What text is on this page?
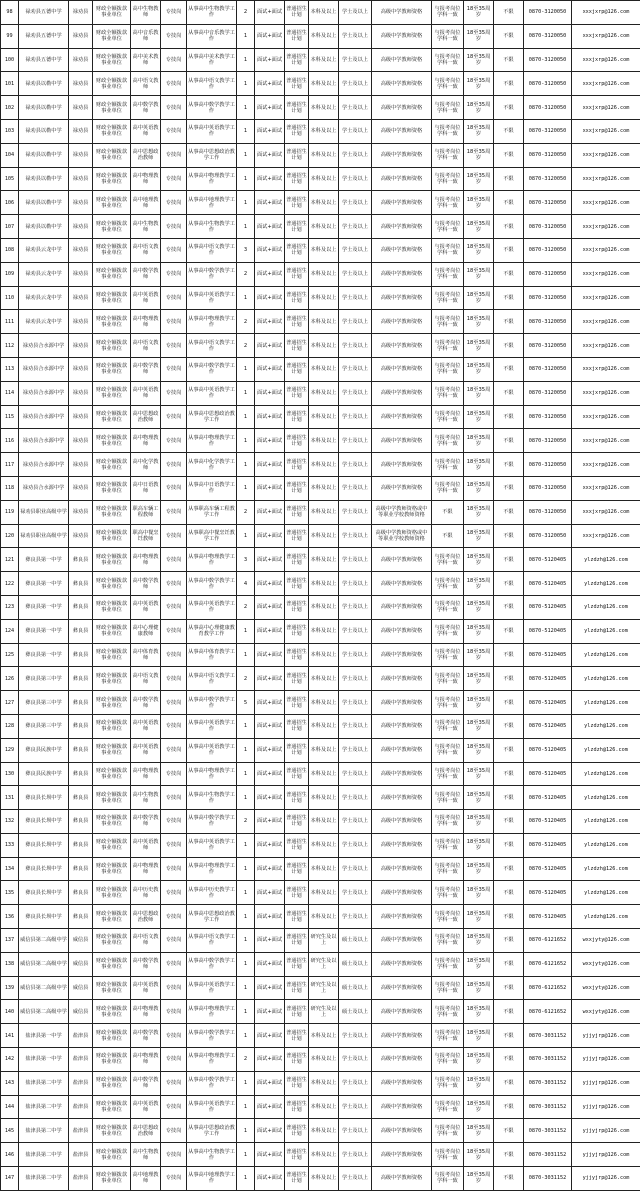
98	禄劝县五德中学	禄劝县	财政全额拨款事业单位	高中生物教师	专技岗	从事高中生物教学工作	2	面试+面试	普通招生计划	本科及以上	学士及以上	高级中学教师资格	与报考岗位学科一致	18至35周岁	不限	0870-3120050	xxxjxrp@126.com
99	禄劝县五德中学	禄劝县	财政全额拨款事业单位	高中音乐教师	专技岗	从事高中音乐教学工作	1	面试+面试	普通招生计划	本科及以上	学士及以上	高级中学教师资格	与报考岗位学科一致	18至35周岁	不限	0870-3120050	xxxjxrp@126.com
100	禄劝县五德中学	禄劝县	财政全额拨款事业单位	高中美术教师	专技岗	从事高中美术教学工作	1	面试+面试	普通招生计划	本科及以上	学士及以上	高级中学教师资格	与报考岗位学科一致	18至35周岁	不限	0870-3120050	xxxjxrp@126.com
101	禄劝县以勒中学	禄劝县	财政全额拨款事业单位	高中语文教师	专技岗	从事高中语文教学工作	1	面试+面试	普通招生计划	本科及以上	学士及以上	高级中学教师资格	与报考岗位学科一致	18至35周岁	不限	0870-3120050	xxxjxrp@126.com
102	禄劝县以勒中学	禄劝县	财政全额拨款事业单位	高中数学教师	专技岗	从事高中数学教学工作	1	面试+面试	普通招生计划	本科及以上	学士及以上	高级中学教师资格	与报考岗位学科一致	18至35周岁	不限	0870-3120050	xxxjxrp@126.com
103	禄劝县以勒中学	禄劝县	财政全额拨款事业单位	高中英语教师	专技岗	从事高中英语教学工作	1	面试+面试	普通招生计划	本科及以上	学士及以上	高级中学教师资格	与报考岗位学科一致	18至35周岁	不限	0870-3120050	xxxjxrp@126.com
104	禄劝县以勒中学	禄劝县	财政全额拨款事业单位	高中思想政治教师	专技岗	从事高中思想政治教学工作	1	面试+面试	普通招生计划	本科及以上	学士及以上	高级中学教师资格	与报考岗位学科一致	18至35周岁	不限	0870-3120050	xxxjxrp@126.com
105	禄劝县以勒中学	禄劝县	财政全额拨款事业单位	高中物理教师	专技岗	从事高中物理教学工作	1	面试+面试	普通招生计划	本科及以上	学士及以上	高级中学教师资格	与报考岗位学科一致	18至35周岁	不限	0870-3120050	xxxjxrp@126.com
106	禄劝县以勒中学	禄劝县	财政全额拨款事业单位	高中地理教师	专技岗	从事高中地理教学工作	1	面试+面试	普通招生计划	本科及以上	学士及以上	高级中学教师资格	与报考岗位学科一致	18至35周岁	不限	0870-3120050	xxxjxrp@126.com
107	禄劝县以勒中学	禄劝县	财政全额拨款事业单位	高中生物教师	专技岗	从事高中生物教学工作	1	面试+面试	普通招生计划	本科及以上	学士及以上	高级中学教师资格	与报考岗位学科一致	18至35周岁	不限	0870-3120050	xxxjxrp@126.com
108	禄劝县云龙中学	禄劝县	财政全额拨款事业单位	高中语文教师	专技岗	从事高中语文教学工作	3	面试+面试	普通招生计划	本科及以上	学士及以上	高级中学教师资格	与报考岗位学科一致	18至35周岁	不限	0870-3120050	xxxjxrp@126.com
109	禄劝县云龙中学	禄劝县	财政全额拨款事业单位	高中数学教师	专技岗	从事高中数学教学工作	2	面试+面试	普通招生计划	本科及以上	学士及以上	高级中学教师资格	与报考岗位学科一致	18至35周岁	不限	0870-3120050	xxxjxrp@126.com
110	禄劝县云龙中学	禄劝县	财政全额拨款事业单位	高中英语教师	专技岗	从事高中英语教学工作	1	面试+面试	普通招生计划	本科及以上	学士及以上	高级中学教师资格	与报考岗位学科一致	18至35周岁	不限	0870-3120050	xxxjxrp@126.com
111	禄劝县云龙中学	禄劝县	财政全额拨款事业单位	高中物理教师	专技岗	从事高中物理教学工作	2	面试+面试	普通招生计划	本科及以上	学士及以上	高级中学教师资格	与报考岗位学科一致	18至35周岁	不限	0870-3120050	xxxjxrp@126.com
112	禄劝县合水源中学	禄劝县	财政全额拨款事业单位	高中语文教师	专技岗	从事高中语文教学工作	2	面试+面试	普通招生计划	本科及以上	学士及以上	高级中学教师资格	与报考岗位学科一致	18至35周岁	不限	0870-3120050	xxxjxrp@126.com
113	禄劝县合水源中学	禄劝县	财政全额拨款事业单位	高中数学教师	专技岗	从事高中数学教学工作	1	面试+面试	普通招生计划	本科及以上	学士及以上	高级中学教师资格	与报考岗位学科一致	18至35周岁	不限	0870-3120050	xxxjxrp@126.com
114	禄劝县合水源中学	禄劝县	财政全额拨款事业单位	高中英语教师	专技岗	从事高中英语教学工作	1	面试+面试	普通招生计划	本科及以上	学士及以上	高级中学教师资格	与报考岗位学科一致	18至35周岁	不限	0870-3120050	xxxjxrp@126.com
115	禄劝县合水源中学	禄劝县	财政全额拨款事业单位	高中思想政治教师	专技岗	从事高中思想政治教学工作	1	面试+面试	普通招生计划	本科及以上	学士及以上	高级中学教师资格	与报考岗位学科一致	18至35周岁	不限	0870-3120050	xxxjxrp@126.com
116	禄劝县合水源中学	禄劝县	财政全额拨款事业单位	高中物理教师	专技岗	从事高中物理教学工作	1	面试+面试	普通招生计划	本科及以上	学士及以上	高级中学教师资格	与报考岗位学科一致	18至35周岁	不限	0870-3120050	xxxjxrp@126.com
117	禄劝县合水源中学	禄劝县	财政全额拨款事业单位	高中化学教师	专技岗	从事高中化学教学工作	1	面试+面试	普通招生计划	本科及以上	学士及以上	高级中学教师资格	与报考岗位学科一致	18至35周岁	不限	0870-3120050	xxxjxrp@126.com
118	禄劝县合水源中学	禄劝县	财政全额拨款事业单位	高中日语教师	专技岗	从事高中日语教学工作	1	面试+面试	普通招生计划	本科及以上	学士及以上	高级中学教师资格	与报考岗位学科一致	18至35周岁	不限	0870-3120050	xxxjxrp@126.com
119	禄劝县职业高级中学	禄劝县	财政全额拨款事业单位	职高车辆工程教师	专技岗	从事职高车辆工程教学工作	2	面试+面试	普通招生计划	本科及以上	学士及以上	高级中学教师资格或中等职业学校教师资格	不限	18至35周岁	不限	0870-3120050	xxxjxrp@126.com
120	禄劝县职业高级中学	禄劝县	财政全额拨款事业单位	职高中餐烹饪教师	专技岗	从事职高中餐烹饪教学工作	1	面试+面试	普通招生计划	本科及以上	学士及以上	高级中学教师资格或中等职业学校教师资格	不限	18至35周岁	不限	0870-3120050	xxxjxrp@126.com
121	彝良县第一中学	彝良县	财政全额拨款事业单位	高中物理教师	专技岗	从事高中物理教学工作	3	面试+面试	普通招生计划	本科及以上	学士及以上	高级中学教师资格	与报考岗位学科一致	18至35周岁	不限	0870-5120405	ylzdzh@126.com
122	彝良县第一中学	彝良县	财政全额拨款事业单位	高中数学教师	专技岗	从事高中数学教学工作	4	面试+面试	普通招生计划	本科及以上	学士及以上	高级中学教师资格	与报考岗位学科一致	18至35周岁	不限	0870-5120405	ylzdzh@126.com
123	彝良县第一中学	彝良县	财政全额拨款事业单位	高中英语教师	专技岗	从事高中英语教学工作	2	面试+面试	普通招生计划	本科及以上	学士及以上	高级中学教师资格	与报考岗位学科一致	18至35周岁	不限	0870-5120405	ylzdzh@126.com
124	彝良县第一中学	彝良县	财政全额拨款事业单位	高中心理健康教师	专技岗	从事高中心理健康教育教学工作	1	面试+面试	普通招生计划	本科及以上	学士及以上	高级中学教师资格	与报考岗位学科一致	18至35周岁	不限	0870-5120405	ylzdzh@126.com
125	彝良县第一中学	彝良县	财政全额拨款事业单位	高中体育教师	专技岗	从事高中体育教学工作	1	面试+面试	普通招生计划	本科及以上	学士及以上	高级中学教师资格	与报考岗位学科一致	18至35周岁	不限	0870-5120405	ylzdzh@126.com
126	彝良县第三中学	彝良县	财政全额拨款事业单位	高中语文教师	专技岗	从事高中语文教学工作	2	面试+面试	普通招生计划	本科及以上	学士及以上	高级中学教师资格	与报考岗位学科一致	18至35周岁	不限	0870-5120405	ylzdzh@126.com
127	彝良县第三中学	彝良县	财政全额拨款事业单位	高中数学教师	专技岗	从事高中数学教学工作	5	面试+面试	普通招生计划	本科及以上	学士及以上	高级中学教师资格	与报考岗位学科一致	18至35周岁	不限	0870-5120405	ylzdzh@126.com
128	彝良县第三中学	彝良县	财政全额拨款事业单位	高中英语教师	专技岗	从事高中英语教学工作	1	面试+面试	普通招生计划	本科及以上	学士及以上	高级中学教师资格	与报考岗位学科一致	18至35周岁	不限	0870-5120405	ylzdzh@126.com
129	彝良县民族中学	彝良县	财政全额拨款事业单位	高中英语教师	专技岗	从事高中英语教学工作	1	面试+面试	普通招生计划	本科及以上	学士及以上	高级中学教师资格	与报考岗位学科一致	18至35周岁	不限	0870-5120405	ylzdzh@126.com
130	彝良县民族中学	彝良县	财政全额拨款事业单位	高中物理教师	专技岗	从事高中物理教学工作	1	面试+面试	普通招生计划	本科及以上	学士及以上	高级中学教师资格	与报考岗位学科一致	18至35周岁	不限	0870-5120405	ylzdzh@126.com
131	彝良县长坝中学	彝良县	财政全额拨款事业单位	高中生物教师	专技岗	从事高中生物教学工作	1	面试+面试	普通招生计划	本科及以上	学士及以上	高级中学教师资格	与报考岗位学科一致	18至35周岁	不限	0870-5120405	ylzdzh@126.com
132	彝良县长坝中学	彝良县	财政全额拨款事业单位	高中数学教师	专技岗	从事高中数学教学工作	2	面试+面试	普通招生计划	本科及以上	学士及以上	高级中学教师资格	与报考岗位学科一致	18至35周岁	不限	0870-5120405	ylzdzh@126.com
133	彝良县长坝中学	彝良县	财政全额拨款事业单位	高中英语教师	专技岗	从事高中英语教学工作	1	面试+面试	普通招生计划	本科及以上	学士及以上	高级中学教师资格	与报考岗位学科一致	18至35周岁	不限	0870-5120405	ylzdzh@126.com
134	彝良县长坝中学	彝良县	财政全额拨款事业单位	高中物理教师	专技岗	从事高中物理教学工作	1	面试+面试	普通招生计划	本科及以上	学士及以上	高级中学教师资格	与报考岗位学科一致	18至35周岁	不限	0870-5120405	ylzdzh@126.com
135	彝良县长坝中学	彝良县	财政全额拨款事业单位	高中历史教师	专技岗	从事高中历史教学工作	1	面试+面试	普通招生计划	本科及以上	学士及以上	高级中学教师资格	与报考岗位学科一致	18至35周岁	不限	0870-5120405	ylzdzh@126.com
136	彝良县长坝中学	彝良县	财政全额拨款事业单位	高中思想政治教师	专技岗	从事高中思想政治教学工作	1	面试+面试	普通招生计划	本科及以上	学士及以上	高级中学教师资格	与报考岗位学科一致	18至35周岁	不限	0870-5120405	ylzdzh@126.com
137	威信县第二高级中学	威信县	财政全额拨款事业单位	高中语文教师	专技岗	从事高中语文教学工作	1	面试+面试	普通招生计划	研究生及以上	硕士及以上	高级中学教师资格	与报考岗位学科一致	18至35周岁	不限	0870-6121652	wxxjyty@126.com
138	威信县第二高级中学	威信县	财政全额拨款事业单位	高中数学教师	专技岗	从事高中数学教学工作	1	面试+面试	普通招生计划	研究生及以上	硕士及以上	高级中学教师资格	与报考岗位学科一致	18至35周岁	不限	0870-6121652	wxxjyty@126.com
139	威信县第二高级中学	威信县	财政全额拨款事业单位	高中英语教师	专技岗	从事高中英语教学工作	1	面试+面试	普通招生计划	研究生及以上	硕士及以上	高级中学教师资格	与报考岗位学科一致	18至35周岁	不限	0870-6121652	wxxjyty@126.com
140	威信县第二高级中学	威信县	财政全额拨款事业单位	高中物理教师	专技岗	从事高中物理教学工作	1	面试+面试	普通招生计划	研究生及以上	硕士及以上	高级中学教师资格	与报考岗位学科一致	18至35周岁	不限	0870-6121652	wxxjyty@126.com
141	盐津县第一中学	盐津县	财政全额拨款事业单位	高中数学教师	专技岗	从事高中数学教学工作	1	面试+面试	普通招生计划	本科及以上	学士及以上	高级中学教师资格	与报考岗位学科一致	18至35周岁	不限	0870-3031152	yjjyjrp@126.com
142	盐津县第一中学	盐津县	财政全额拨款事业单位	高中物理教师	专技岗	从事高中物理教学工作	2	面试+面试	普通招生计划	本科及以上	学士及以上	高级中学教师资格	与报考岗位学科一致	18至35周岁	不限	0870-3031152	yjjyjrp@126.com
143	盐津县第二中学	盐津县	财政全额拨款事业单位	高中数学教师	专技岗	从事高中数学教学工作	1	面试+面试	普通招生计划	本科及以上	学士及以上	高级中学教师资格	与报考岗位学科一致	18至35周岁	不限	0870-3031152	yjjyjrp@126.com
144	盐津县第二中学	盐津县	财政全额拨款事业单位	高中英语教师	专技岗	从事高中英语教学工作	1	面试+面试	普通招生计划	本科及以上	学士及以上	高级中学教师资格	与报考岗位学科一致	18至35周岁	不限	0870-3031152	yjjyjrp@126.com
145	盐津县第二中学	盐津县	财政全额拨款事业单位	高中思想政治教师	专技岗	从事高中思想政治教学工作	1	面试+面试	普通招生计划	本科及以上	学士及以上	高级中学教师资格	与报考岗位学科一致	18至35周岁	不限	0870-3031152	yjjyjrp@126.com
146	盐津县第二中学	盐津县	财政全额拨款事业单位	高中生物教师	专技岗	从事高中生物教学工作	1	面试+面试	普通招生计划	本科及以上	学士及以上	高级中学教师资格	与报考岗位学科一致	18至35周岁	不限	0870-3031152	yjjyjrp@126.com
147	盐津县第二中学	盐津县	财政全额拨款事业单位	高中地理教师	专技岗	从事高中地理教学工作	1	面试+面试	普通招生计划	本科及以上	学士及以上	高级中学教师资格	与报考岗位学科一致	18至35周岁	不限	0870-3031152	yjjyjrp@126.com
